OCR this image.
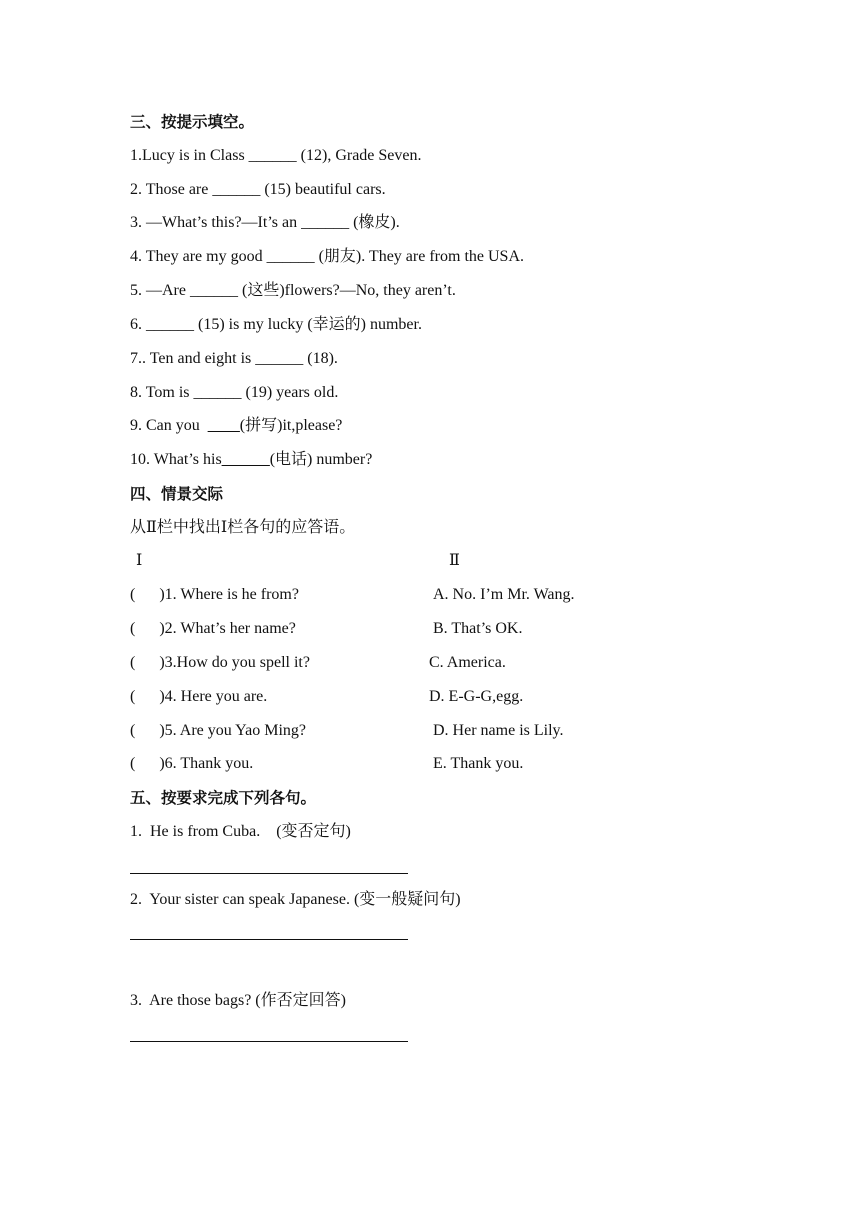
三、按提示填空。
1.Lucy is in Class ______ (12), Grade Seven.
2. Those are ______ (15) beautiful cars.
3. —What’s this?—It’s an ______ (橡皮).
4. They are my good ______ (朋友). They are from the USA.
5. —Are ______ (这些)flowers?—No, they aren’t.
6. ______ (15) is my lucky (幸运的) number.
7.. Ten and eight is ______ (18).
8. Tom is ______ (19) years old.
9. Can you  ____(拼写)it,please?
10. What’s his______(电话) number?
四、情景交际
从Ⅱ栏中找出Ⅰ栏各句的应答语。
Ⅰ	Ⅱ
(      )1. Where is he from?	A. No. I’m Mr. Wang.
(      )2. What’s her name?	B. That’s OK.
(      )3.How do you spell it?	C. America.
(      )4. Here you are.	D. E-G-G,egg.
(      )5. Are you Yao Ming?	D. Her name is Lily.
(      )6. Thank you.	E. Thank you.
五、按要求完成下列各句。
1.  He is from Cuba.    (变否定句)
2.  Your sister can speak Japanese. (变一般疑问句)
3.  Are those bags? (作否定回答)
